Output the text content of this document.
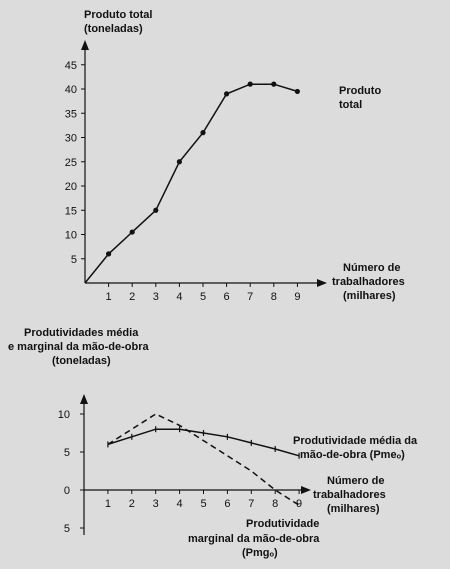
Produto total
(toneladas)
5
10
15
20
25
30
35
40
45
1 2 3 4 5 6 7 8 9
Produto
total
Número de
trabalhadores
(milhares)
Produtividades média
e marginal da mão-de-obra
(toneladas)
10
5
0
5
1 2 3 4 5 6 7 8 9
Produtividade média da
mão-de-obra (Pmeₒ)
Número de
trabalhadores
(milhares)
Produtividade
marginal da mão-de-obra
(Pmgₒ)
